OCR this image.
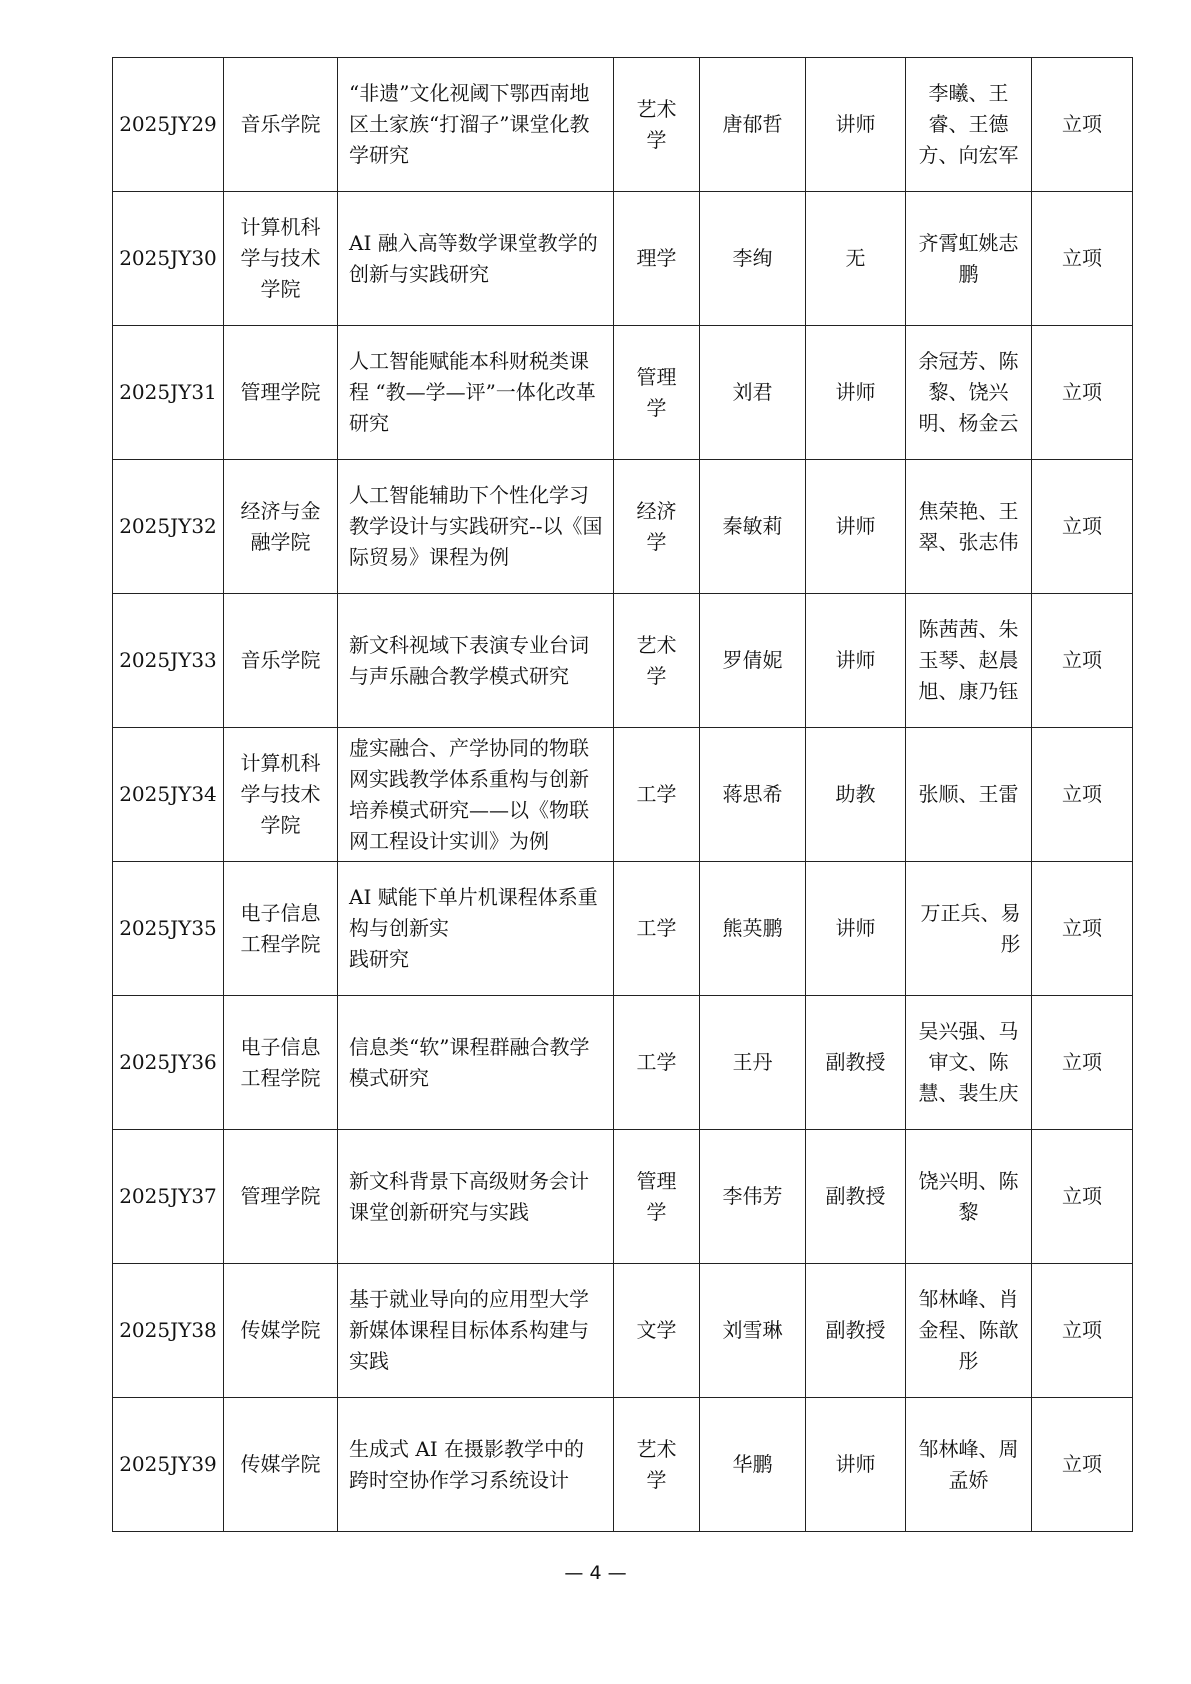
2025JY29	音乐学院	“非遗”文化视阈下鄂西南地区土家族“打溜子”课堂化教学研究	艺术学	唐郁哲	讲师	李曦、王睿、王德方、向宏军	立项

2025JY30	计算机科学与技术学院	AI 融入高等数学课堂教学的创新与实践研究	理学	李绚	无	齐霄虹姚志鹏	立项

2025JY31	管理学院	人工智能赋能本科财税类课程 “教—学—评”一体化改革研究	管理学	刘君	讲师	余冠芳、陈黎、饶兴明、杨金云	立项

2025JY32	经济与金融学院	人工智能辅助下个性化学习教学设计与实践研究--以《国际贸易》课程为例	经济学	秦敏莉	讲师	焦荣艳、王翠、张志伟	立项

2025JY33	音乐学院	新文科视域下表演专业台词与声乐融合教学模式研究	艺术学	罗倩妮	讲师	陈茜茜、朱玉琴、赵晨旭、康乃钰	立项

2025JY34	计算机科学与技术学院	虚实融合、产学协同的物联网实践教学体系重构与创新培养模式研究——以《物联网工程设计实训》为例	工学	蒋思希	助教	张顺、王雷	立项

2025JY35	电子信息工程学院	AI 赋能下单片机课程体系重构与创新实
践研究	工学	熊英鹏	讲师	万正兵、易彤	立项

2025JY36	电子信息工程学院	信息类“软”课程群融合教学模式研究	工学	王丹	副教授	吴兴强、马审文、陈慧、裴生庆	立项

2025JY37	管理学院	新文科背景下高级财务会计课堂创新研究与实践	管理学	李伟芳	副教授	饶兴明、陈黎	立项

2025JY38	传媒学院	基于就业导向的应用型大学新媒体课程目标体系构建与实践	文学	刘雪琳	副教授	邹林峰、肖金程、陈歆彤	立项

2025JY39	传媒学院	生成式 AI 在摄影教学中的跨时空协作学习系统设计	艺术学	华鹏	讲师	邹林峰、周孟娇	立项
— 4 —
